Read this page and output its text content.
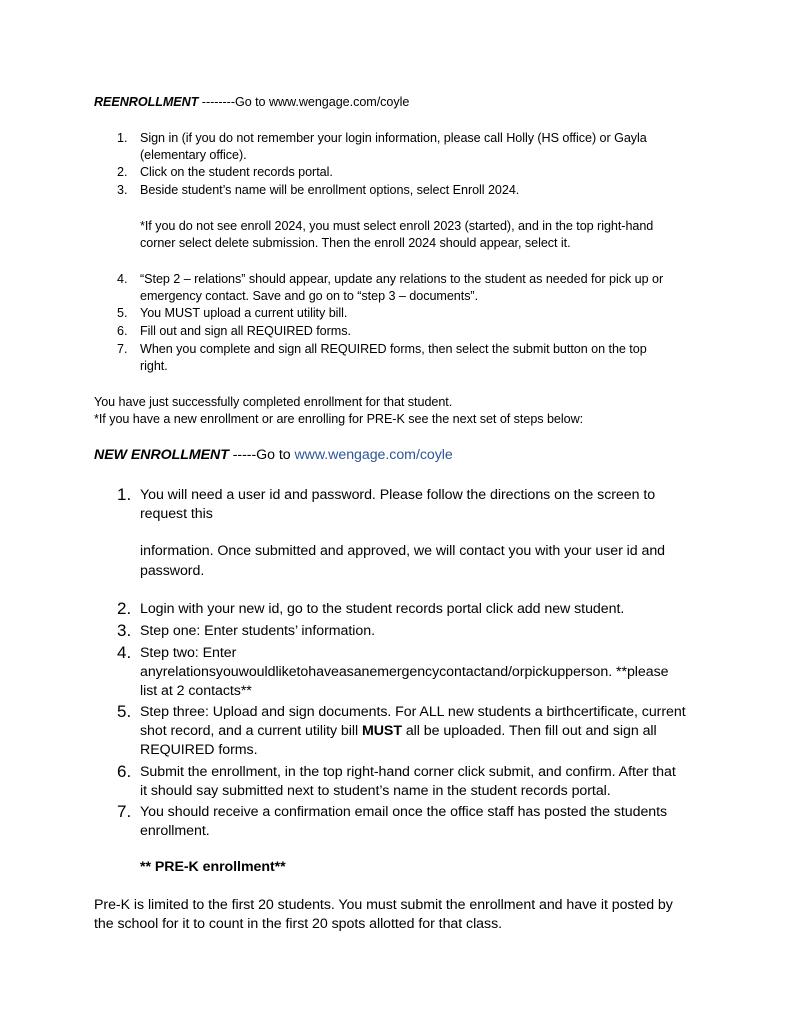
REENROLLMENT --------Go to www.wengage.com/coyle
1. Sign in (if you do not remember your login information, please call Holly (HS office) or Gayla
(elementary office).
2. Click on the student records portal.
3. Beside student’s name will be enrollment options, select Enroll 2024.
*If you do not see enroll 2024, you must select enroll 2023 (started), and in the top right-hand
corner select delete submission. Then the enroll 2024 should appear, select it.
4. “Step 2 – relations” should appear, update any relations to the student as needed for pick up or
emergency contact. Save and go on to “step 3 – documents”.
5. You MUST upload a current utility bill.
6. Fill out and sign all REQUIRED forms.
7. When you complete and sign all REQUIRED forms, then select the submit button on the top
right.
You have just successfully completed enrollment for that student.
*If you have a new enrollment or are enrolling for PRE-K see the next set of steps below:
NEW ENROLLMENT -----Go to www.wengage.com/coyle
1. You will need a user id and password. Please follow the directions on the screen to
request this
information. Once submitted and approved, we will contact you with your user id and
password.
2. Login with your new id, go to the student records portal click add new student.
3. Step one: Enter students’ information.
4. Step two: Enter
anyrelationsyouwouldliketohaveasanemergencycontactand/orpickupperson. **please
list at 2 contacts**
5. Step three: Upload and sign documents. For ALL new students a birthcertificate, current
shot record, and a current utility bill MUST all be uploaded. Then fill out and sign all
REQUIRED forms.
6. Submit the enrollment, in the top right-hand corner click submit, and confirm. After that
it should say submitted next to student’s name in the student records portal.
7. You should receive a confirmation email once the office staff has posted the students
enrollment.
** PRE-K enrollment**
Pre-K is limited to the first 20 students. You must submit the enrollment and have it posted by
the school for it to count in the first 20 spots allotted for that class.
